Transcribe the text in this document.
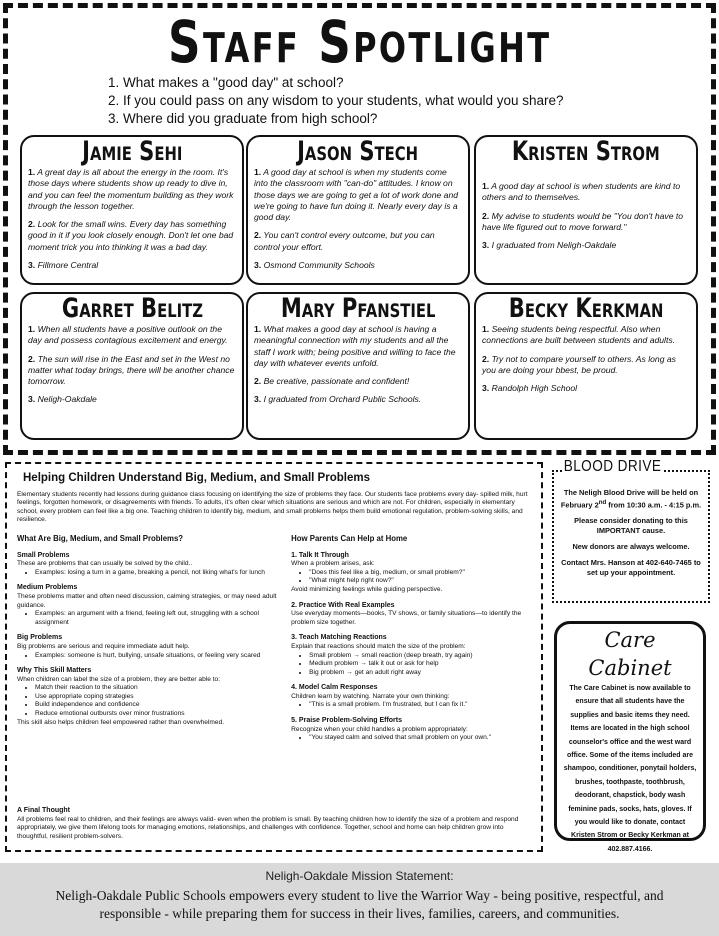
Staff Spotlight
1. What makes a "good day" at school?
2. If you could pass on any wisdom to your students, what would you share?
3. Where did you graduate from high school?
Jamie Sehi

1. A great day is all about the energy in the room. It's those days where students show up ready to dive in, and you can feel the momentum building as they work through the lesson together.

2. Look for the small wins. Every day has something good in it if you look closely enough. Don't let one bad moment trick you into thinking it was a bad day.

3. Fillmore Central

Jason Stech

1. A good day at school is when my students come into the classroom with "can-do" attitudes. I know on those days we are going to get a lot of work done and we're going to have fun doing it. Nearly every day is a good day.

2. You can't control every outcome, but you can control your effort.

3. Osmond Community Schools

Kristen Strom

1. A good day at school is when students are kind to others and to themselves.

2. My advise to students would be "You don't have to have life figured out to move forward."

3. I graduated from Neligh-Oakdale

Garret Belitz

1. When all students have a positive outlook on the day and possess contagious excitement and energy.

2. The sun will rise in the East and set in the West no matter what today brings, there will be another chance tomorrow.

3. Neligh-Oakdale

Mary Pfanstiel

1. What makes a good day at school is having a meaningful connection with my students and all the staff I work with; being positive and willing to face the day with whatever events unfold.

2. Be creative, passionate and confident!

3. I graduated from Orchard Public Schools.

Becky Kerkman

1. Seeing students being respectful. Also when connections are built between students and adults.

2. Try not to compare yourself to others. As long as you are doing your bbest, be proud.

3. Randolph High School

Helping Children Understand Big, Medium, and Small Problems

Elementary students recently had lessons during guidance class focusing on identifying the size of problems they face. Our students face problems every day- spilled milk, hurt feelings, forgotten homework, or disagreements with friends. To adults, it's often clear which situations are serious and which are not. For children, especially in elementary school, every problem can feel like a big one. Teaching children to identify big, medium, and small problems helps them build emotional regulation, problem-solving skills, and resilience.

What Are Big, Medium, and Small Problems?
Small Problems

These are problems that can usually be solved by the child..

• Examples: losing a turn in a game, breaking a pencil, not liking what's for lunch
Medium Problems

These problems matter and often need discussion, calming strategies, or may need adult guidance.

• Examples: an argument with a friend, feeling left out, struggling with a school assignment
Big Problems

Big problems are serious and require immediate adult help.

• Examples: someone is hurt, bullying, unsafe situations, or feeling very scared
Why This Skill Matters

When children can label the size of a problem, they are better able to:

• Match their reaction to the situation
• Use appropriate coping strategies
• Build independence and confidence
• Reduce emotional outbursts over minor frustrations

This skill also helps children feel empowered rather than overwhelmed.

How Parents Can Help at Home
1. Talk It Through

When a problem arises, ask:

• "Does this feel like a big, medium, or small problem?"
• "What might help right now?"

Avoid minimizing feelings while guiding perspective.

2. Practice With Real Examples

Use everyday moments—books, TV shows, or family situations—to identify the problem size together.

3. Teach Matching Reactions

Explain that reactions should match the size of the problem:

• Small problem → small reaction (deep breath, try again)
• Medium problem → talk it out or ask for help
• Big problem → get an adult right away
4. Model Calm Responses

Children learn by watching. Narrate your own thinking:

• "This is a small problem. I'm frustrated, but I can fix it."
5. Praise Problem-Solving Efforts

Recognize when your child handles a problem appropriately:

• "You stayed calm and solved that small problem on your own."
A Final Thought

All problems feel real to children, and their feelings are always valid- even when the problem is small. By teaching children how to identify the size of a problem and respond appropriately, we give them lifelong tools for managing emotions, relationships, and challenges with confidence. Together, school and home can help children grow into thoughtful, resilient problem-solvers.

BLOOD DRIVE

The Neligh Blood Drive will be held on February 2nd from 10:30 a.m. - 4:15 p.m.

Please consider donating to this IMPORTANT cause.

New donors are always welcome.

Contact Mrs. Hanson at 402-640-7465 to set up your appointment.

Care Cabinet

The Care Cabinet is now available to ensure that all students have the supplies and basic items they need. Items are located in the high school counselor's office and the west ward office. Some of the items included are shampoo, conditioner, ponytail holders, brushes, toothpaste, toothbrush, deodorant, chapstick, body wash feminine pads, socks, hats, gloves. If you would like to donate, contact Kristen Strom or Becky Kerkman at 402.887.4166.

Neligh-Oakdale Mission Statement:
Neligh-Oakdale Public Schools empowers every student to live the Warrior Way - being positive, respectful, and responsible - while preparing them for success in their lives, families, careers, and communities.
